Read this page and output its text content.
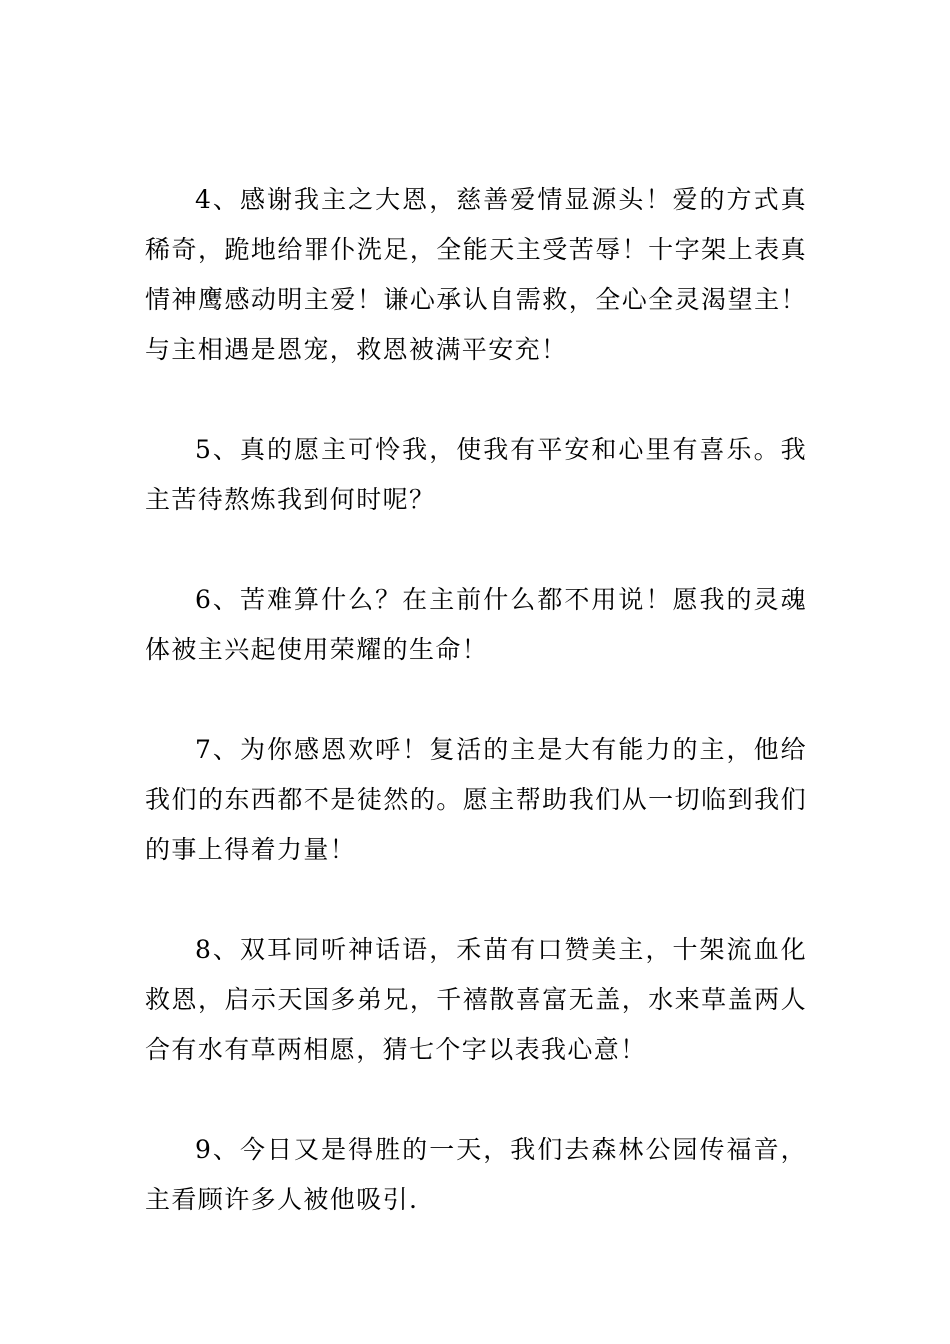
4、感谢我主之大恩，慈善爱情显源头！爱的方式真稀奇，跪地给罪仆洗足，全能天主受苦辱！十字架上表真情神鹰感动明主爱！谦心承认自需救，全心全灵渴望主！与主相遇是恩宠，救恩被满平安充！

5、真的愿主可怜我，使我有平安和心里有喜乐。我主苦待熬炼我到何时呢？

6、苦难算什么？在主前什么都不用说！愿我的灵魂体被主兴起使用荣耀的生命！

7、为你感恩欢呼！复活的主是大有能力的主，他给我们的东西都不是徒然的。愿主帮助我们从一切临到我们的事上得着力量！

8、双耳同听神话语，禾苗有口赞美主，十架流血化救恩，启示天国多弟兄，千禧散喜富无盖，水来草盖两人合有水有草两相愿，猜七个字以表我心意！

9、今日又是得胜的一天，我们去森林公园传福音，主看顾许多人被他吸引.
